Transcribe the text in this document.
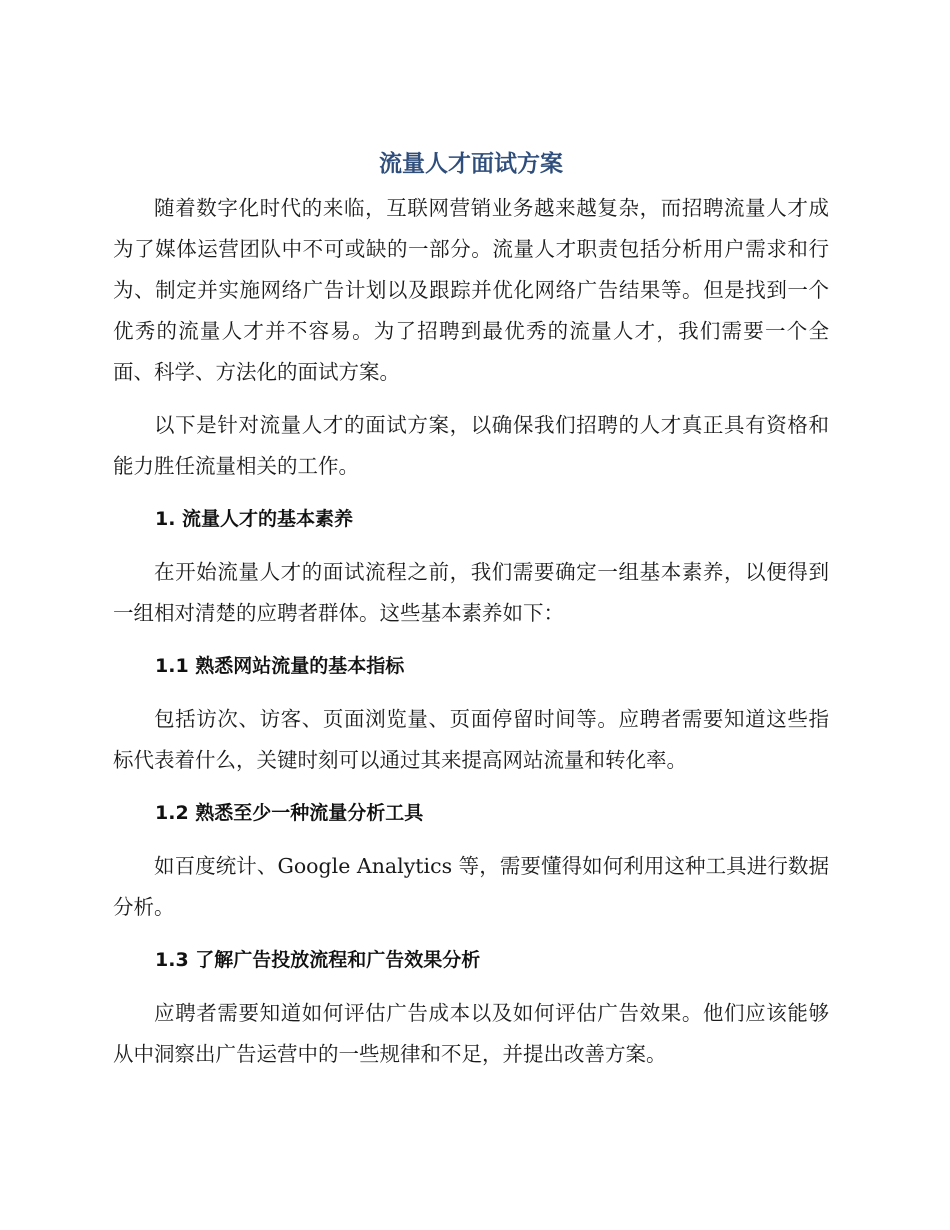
流量人才面试方案

随着数字化时代的来临，互联网营销业务越来越复杂，而招聘流量人才成为了媒体运营团队中不可或缺的一部分。流量人才职责包括分析用户需求和行为、制定并实施网络广告计划以及跟踪并优化网络广告结果等。但是找到一个优秀的流量人才并不容易。为了招聘到最优秀的流量人才，我们需要一个全面、科学、方法化的面试方案。

以下是针对流量人才的面试方案，以确保我们招聘的人才真正具有资格和能力胜任流量相关的工作。

1. 流量人才的基本素养

在开始流量人才的面试流程之前，我们需要确定一组基本素养，以便得到一组相对清楚的应聘者群体。这些基本素养如下：

1.1 熟悉网站流量的基本指标

包括访次、访客、页面浏览量、页面停留时间等。应聘者需要知道这些指标代表着什么，关键时刻可以通过其来提高网站流量和转化率。

1.2 熟悉至少一种流量分析工具

如百度统计、Google Analytics 等，需要懂得如何利用这种工具进行数据分析。

1.3 了解广告投放流程和广告效果分析

应聘者需要知道如何评估广告成本以及如何评估广告效果。他们应该能够从中洞察出广告运营中的一些规律和不足，并提出改善方案。
